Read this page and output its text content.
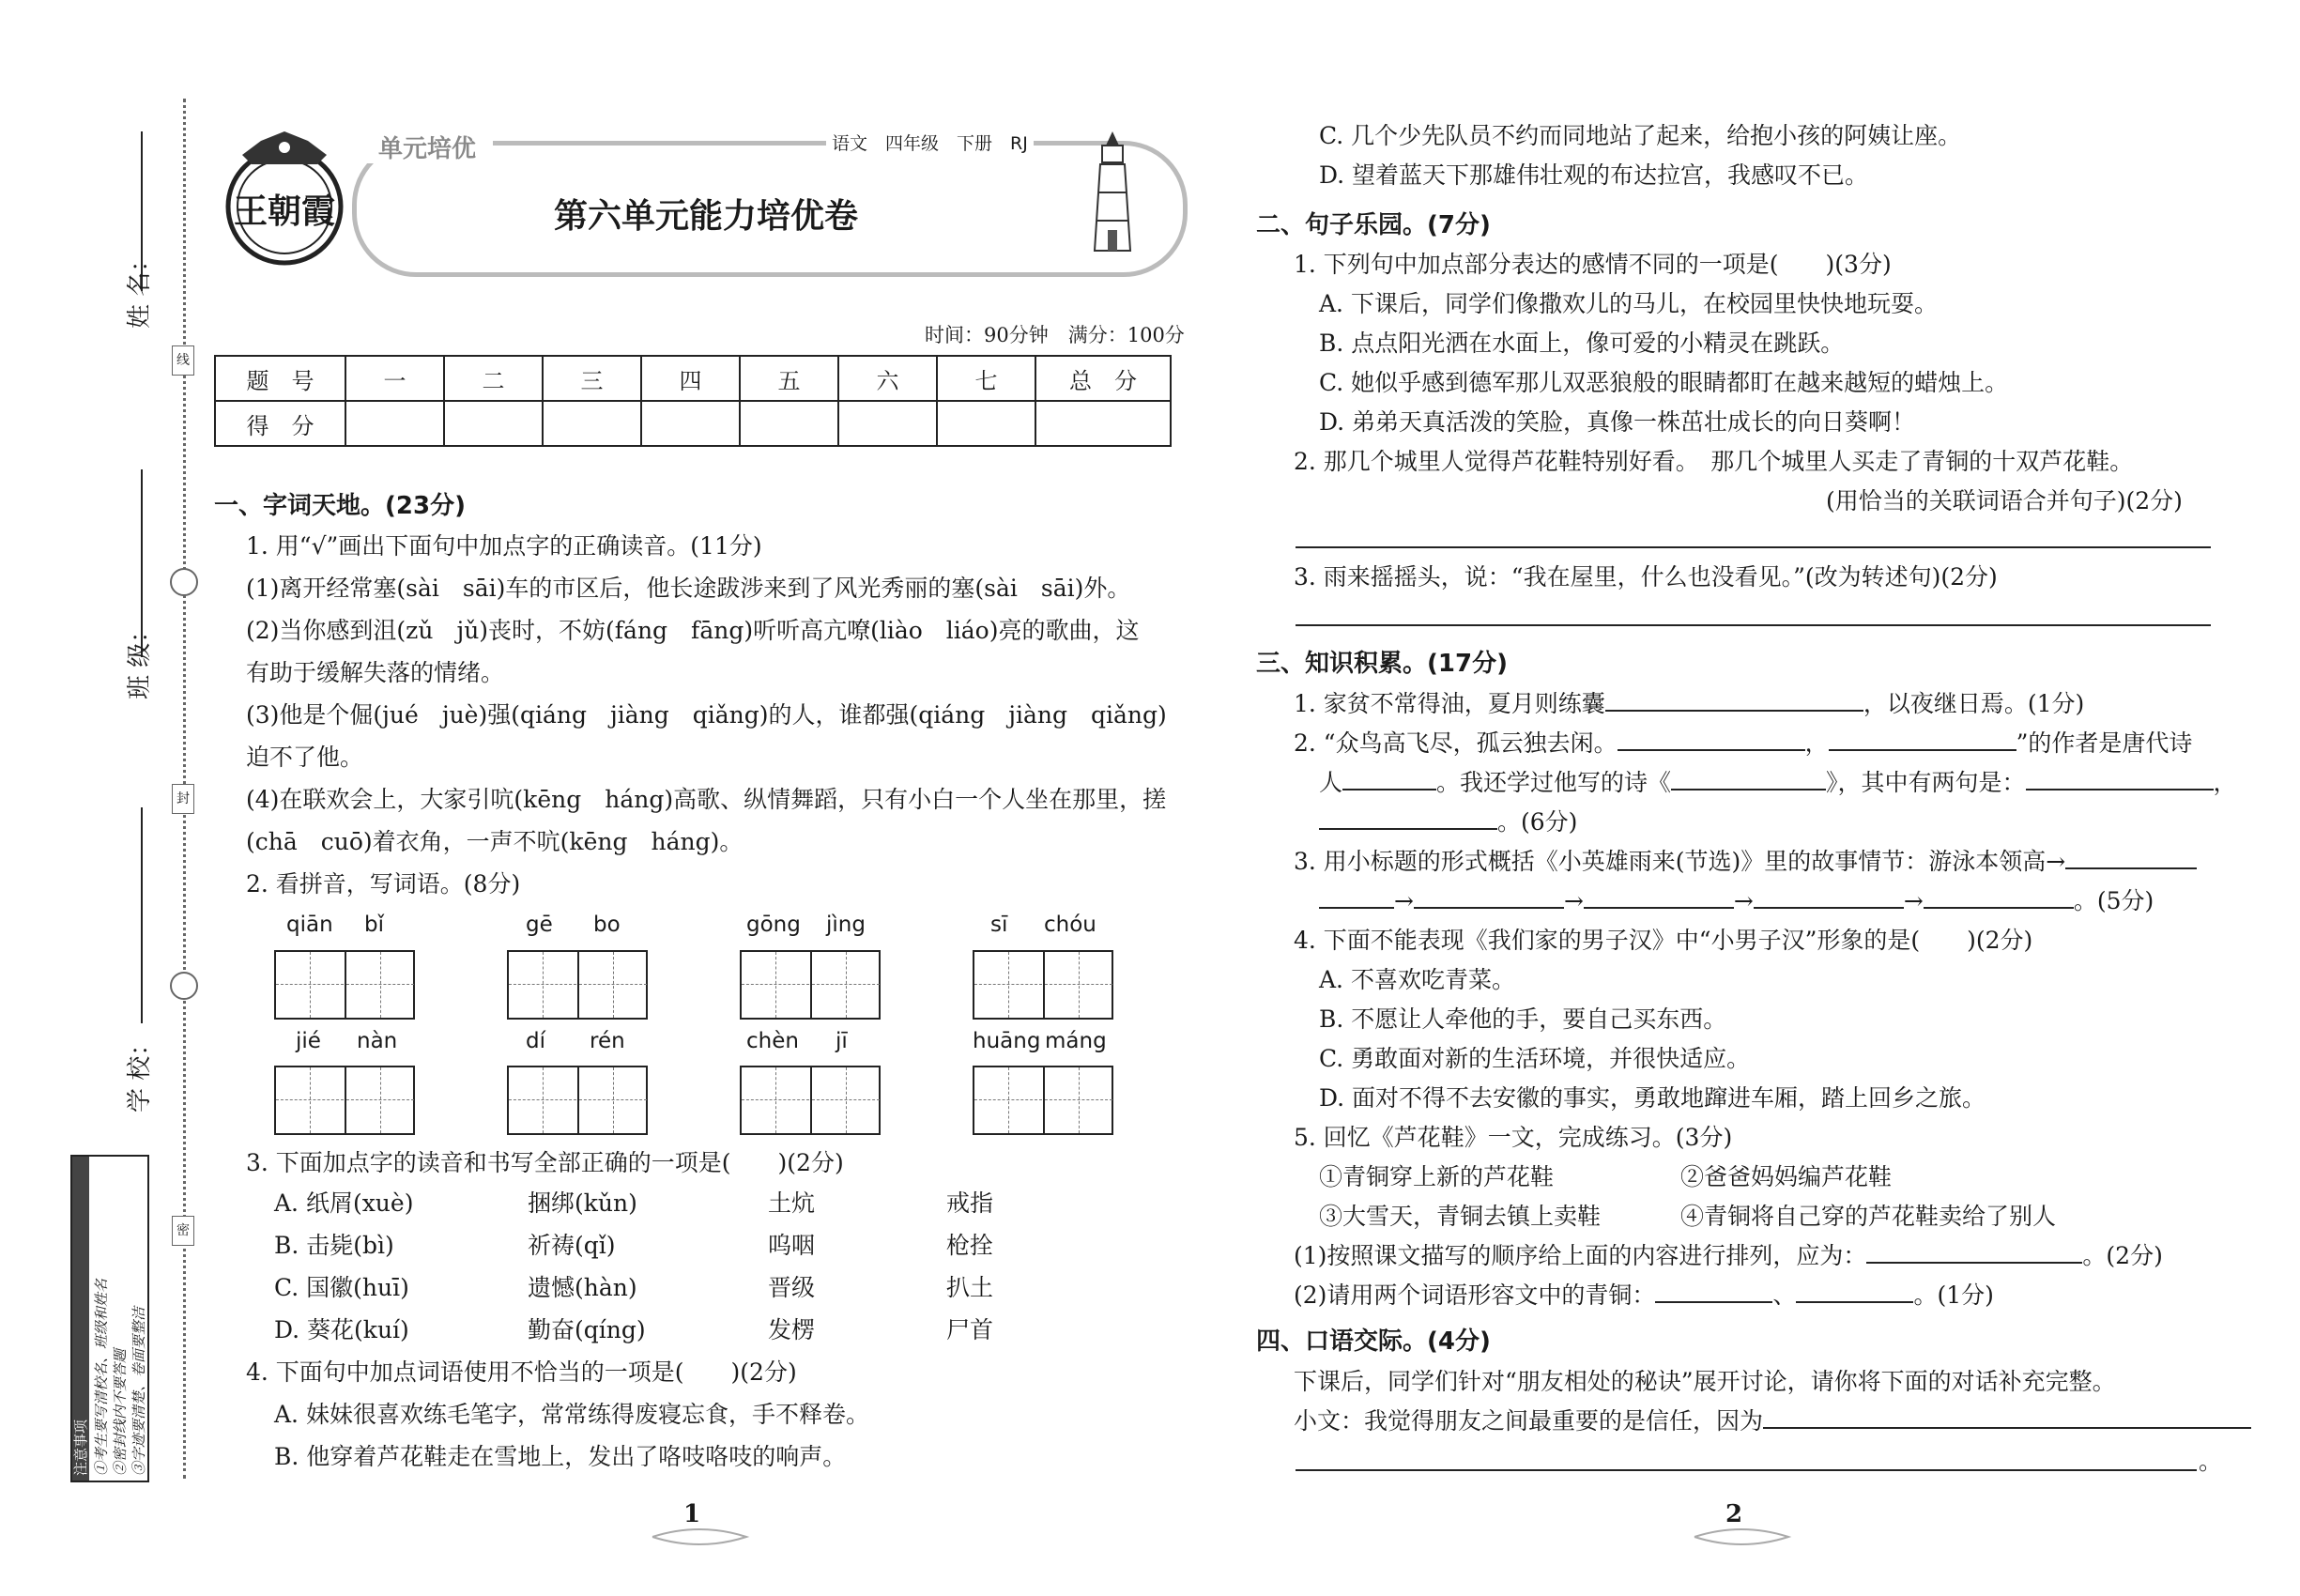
姓 名：
班 级：
学 校：
注意事项 ①考生要写清校名、班级和姓名 ②密封线内不要答题 ③字迹要清楚、卷面要整洁
线
封
密
王朝霞
单元培优	语文　四年级　下册　RJ
第六单元能力培优卷
时间：90分钟　满分：100分
题　号	一	二	三	四	五	六	七	总　分
得　分								
一、字词天地。(23分)
1. 用“√”画出下面句中加点字的正确读音。(11分)
(1)离开经常塞(sài　sāi)车的市区后，他长途跋涉来到了风光秀丽的塞(sài　sāi)外。
(2)当你感到沮(zǔ　jǔ)丧时，不妨(fáng　fāng)听听高亢嘹(liào　liáo)亮的歌曲，这
有助于缓解失落的情绪。
(3)他是个倔(jué　juè)强(qiáng　jiàng　qiǎng)的人，谁都强(qiáng　jiàng　qiǎng)
迫不了他。
(4)在联欢会上，大家引吭(kēng　háng)高歌、纵情舞蹈，只有小白一个人坐在那里，搓
(chā　cuō)着衣角，一声不吭(kēng　háng)。
2. 看拼音，写词语。(8分)
qiān bǐ	gē bo	gōng jìng	sī chóu
jié nàn	dí rén	chèn jī	huāng máng
3. 下面加点字的读音和书写全部正确的一项是(　　)(2分)
A. 纸屑(xuè)	捆绑(kǔn)	土炕	戒指
B. 击毙(bì)	祈祷(qǐ)	呜咽	枪拴
C. 国徽(huī)	遗憾(hàn)	晋级	扒土
D. 葵花(kuí)	勤奋(qíng)	发楞	尸首
4. 下面句中加点词语使用不恰当的一项是(　　)(2分)
A. 妹妹很喜欢练毛笔字，常常练得废寝忘食，手不释卷。
B. 他穿着芦花鞋走在雪地上，发出了咯吱咯吱的响声。
1
C. 几个少先队员不约而同地站了起来，给抱小孩的阿姨让座。
D. 望着蓝天下那雄伟壮观的布达拉宫，我感叹不已。
二、句子乐园。(7分)
1. 下列句中加点部分表达的感情不同的一项是(　　)(3分)
A. 下课后，同学们像撒欢儿的马儿，在校园里快快地玩耍。
B. 点点阳光洒在水面上，像可爱的小精灵在跳跃。
C. 她似乎感到德军那儿双恶狼般的眼睛都盯在越来越短的蜡烛上。
D. 弟弟天真活泼的笑脸，真像一株茁壮成长的向日葵啊！
2. 那几个城里人觉得芦花鞋特别好看。　那几个城里人买走了青铜的十双芦花鞋。
(用恰当的关联词语合并句子)(2分)
3. 雨来摇摇头，说：“我在屋里，什么也没看见。”(改为转述句)(2分)
三、知识积累。(17分)
1. 家贫不常得油，夏月则练囊	，以夜继日焉。(1分)
2. “众鸟高飞尽，孤云独去闲。	，	”的作者是唐代诗
人	。我还学过他写的诗《	》，其中有两句是：	，
。(6分)
3. 用小标题的形式概括《小英雄雨来(节选)》里的故事情节：游泳本领高→
→	→	→	→	。(5分)
4. 下面不能表现《我们家的男子汉》中“小男子汉”形象的是(　　)(2分)
A. 不喜欢吃青菜。
B. 不愿让人牵他的手，要自己买东西。
C. 勇敢面对新的生活环境，并很快适应。
D. 面对不得不去安徽的事实，勇敢地蹿进车厢，踏上回乡之旅。
5. 回忆《芦花鞋》一文，完成练习。(3分)
①青铜穿上新的芦花鞋	②爸爸妈妈编芦花鞋
③大雪天，青铜去镇上卖鞋	④青铜将自己穿的芦花鞋卖给了别人
(1)按照课文描写的顺序给上面的内容进行排列，应为：	。(2分)
(2)请用两个词语形容文中的青铜：	、	。(1分)
四、口语交际。(4分)
下课后，同学们针对“朋友相处的秘诀”展开讨论，请你将下面的对话补充完整。
小文：我觉得朋友之间最重要的是信任，因为
。
2
